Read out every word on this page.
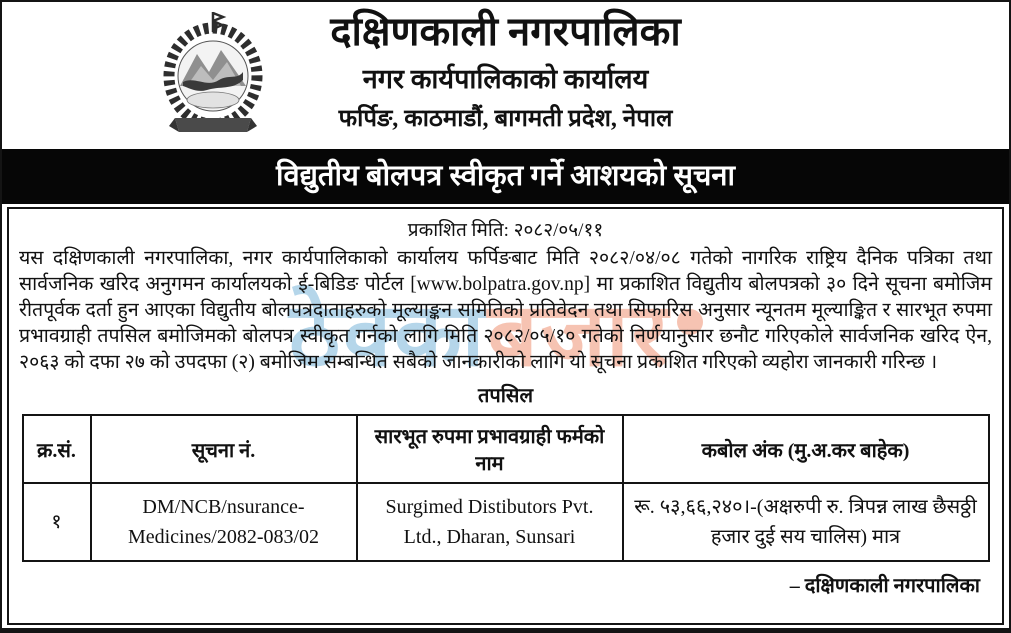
दक्षिणकाली नगरपालिका
नगर कार्यपालिकाको कार्यालय
फर्पिङ, काठमाडौं, बागमती प्रदेश, नेपाल
विद्युतीय बोलपत्र स्वीकृत गर्ने आशयको सूचना
ठेक्काबजार

प्रकाशित मिति: २०८२/०५/११

यस दक्षिणकाली नगरपालिका, नगर कार्यपालिकाको कार्यालय फर्पिङबाट मिति २०८२/०४/०८ गतेको नागरिक राष्ट्रिय दैनिक पत्रिका तथा सार्वजनिक खरिद अनुगमन कार्यालयको ई-बिडिङ पोर्टल [www.bolpatra.gov.np] मा प्रकाशित विद्युतीय बोलपत्रको ३० दिने सूचना बमोजिम रीतपूर्वक दर्ता हुन आएका विद्युतीय बोलपत्रदाताहरुको मूल्याङ्कन समितिको प्रतिवेदन तथा सिफारिस अनुसार न्यूनतम मूल्याङ्कित र सारभूत रुपमा प्रभावग्राही तपसिल बमोजिमको बोलपत्र स्वीकृत गर्नको लागि मिति २०८२/०५/१० गतेको निर्णयानुसार छनौट गरिएकोले सार्वजनिक खरिद ऐन, २०६३ को दफा २७ को उपदफा (२) बमोजिम सम्बन्धित सबैको जानकारीको लागि यो सूचना प्रकाशित गरिएको व्यहोरा जानकारी गरिन्छ ।

तपसिल
क्र.सं.	सूचना नं.	सारभूत रुपमा प्रभावग्राही फर्मको नाम	कबोल अंक (मु.अ.कर बाहेक)
१	DM/NCB/nsurance-Medicines/2082-083/02	Surgimed Distibutors Pvt. Ltd., Dharan, Sunsari	रू. ५३,६६,२४०।-(अक्षरुपी रु. त्रिपन्न लाख छैसठ्ठी हजार दुई सय चालिस) मात्र
– दक्षिणकाली नगरपालिका
